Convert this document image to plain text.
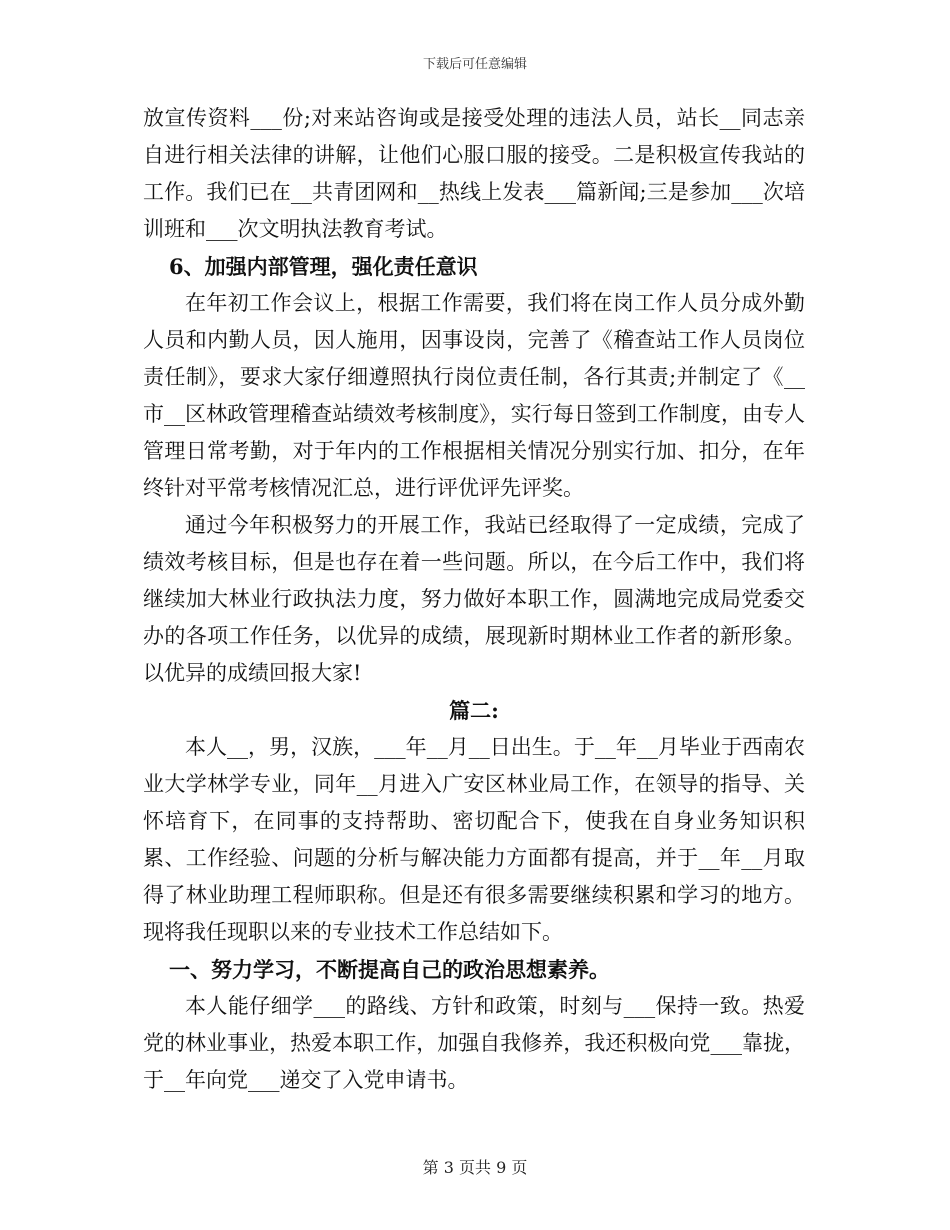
下载后可任意编辑

放宣传资料___份;对来站咨询或是接受处理的违法人员，站长__同志亲自进行相关法律的讲解，让他们心服口服的接受。二是积极宣传我站的工作。我们已在__共青团网和__热线上发表___篇新闻;三是参加___次培训班和___次文明执法教育考试。

6、加强内部管理，强化责任意识

在年初工作会议上，根据工作需要，我们将在岗工作人员分成外勤人员和内勤人员，因人施用，因事设岗，完善了《稽查站工作人员岗位责任制》，要求大家仔细遵照执行岗位责任制，各行其责;并制定了《__市__区林政管理稽查站绩效考核制度》，实行每日签到工作制度，由专人管理日常考勤，对于年内的工作根据相关情况分别实行加、扣分，在年终针对平常考核情况汇总，进行评优评先评奖。

通过今年积极努力的开展工作，我站已经取得了一定成绩，完成了绩效考核目标，但是也存在着一些问题。所以，在今后工作中，我们将继续加大林业行政执法力度，努力做好本职工作，圆满地完成局党委交办的各项工作任务，以优异的成绩，展现新时期林业工作者的新形象。以优异的成绩回报大家!

篇二:

本人__，男，汉族，___年__月__日出生。于__年__月毕业于西南农业大学林学专业，同年__月进入广安区林业局工作，在领导的指导、关怀培育下，在同事的支持帮助、密切配合下，使我在自身业务知识积累、工作经验、问题的分析与解决能力方面都有提高，并于__年__月取得了林业助理工程师职称。但是还有很多需要继续积累和学习的地方。现将我任现职以来的专业技术工作总结如下。

一、努力学习，不断提高自己的政治思想素养。

本人能仔细学___的路线、方针和政策，时刻与___保持一致。热爱党的林业事业，热爱本职工作，加强自我修养，我还积极向党___靠拢，于__年向党___递交了入党申请书。

第 3 页共 9 页
